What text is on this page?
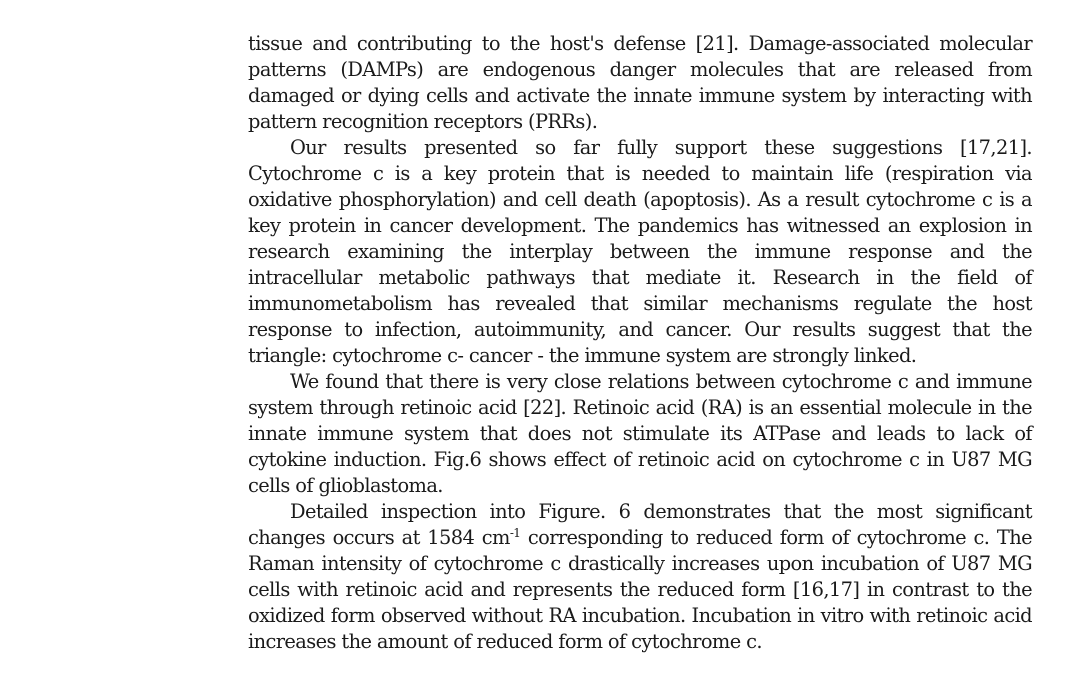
tissue and contributing to the host's defense [21]. Damage-associated molecular patterns (DAMPs) are endogenous danger molecules that are released from damaged or dying cells and activate the innate immune system by interacting with pattern recognition receptors (PRRs).

Our results presented so far fully support these suggestions [17,21]. Cytochrome c is a key protein that is needed to maintain life (respiration via oxidative phosphorylation) and cell death (apoptosis). As a result cytochrome c is a key protein in cancer development. The pandemics has witnessed an explosion in research examining the interplay between the immune response and the intracellular metabolic pathways that mediate it. Research in the field of immunometabolism has revealed that similar mechanisms regulate the host response to infection, autoimmunity, and cancer. Our results suggest that the triangle: cytochrome c- cancer - the immune system are strongly linked.

We found that there is very close relations between cytochrome c and immune system through retinoic acid [22]. Retinoic acid (RA) is an essential molecule in the innate immune system that does not stimulate its ATPase and leads to lack of cytokine induction. Fig.6 shows effect of retinoic acid on cytochrome c in U87 MG cells of glioblastoma.

Detailed inspection into Figure. 6 demonstrates that the most significant changes occurs at 1584 $cm^{-1}$ corresponding to reduced form of cytochrome c. The Raman intensity of cytochrome c drastically increases upon incubation of U87 MG cells with retinoic acid and represents the reduced form [16,17] in contrast to the oxidized form observed without RA incubation. Incubation in vitro with retinoic acid increases the amount of reduced form of cytochrome c.
